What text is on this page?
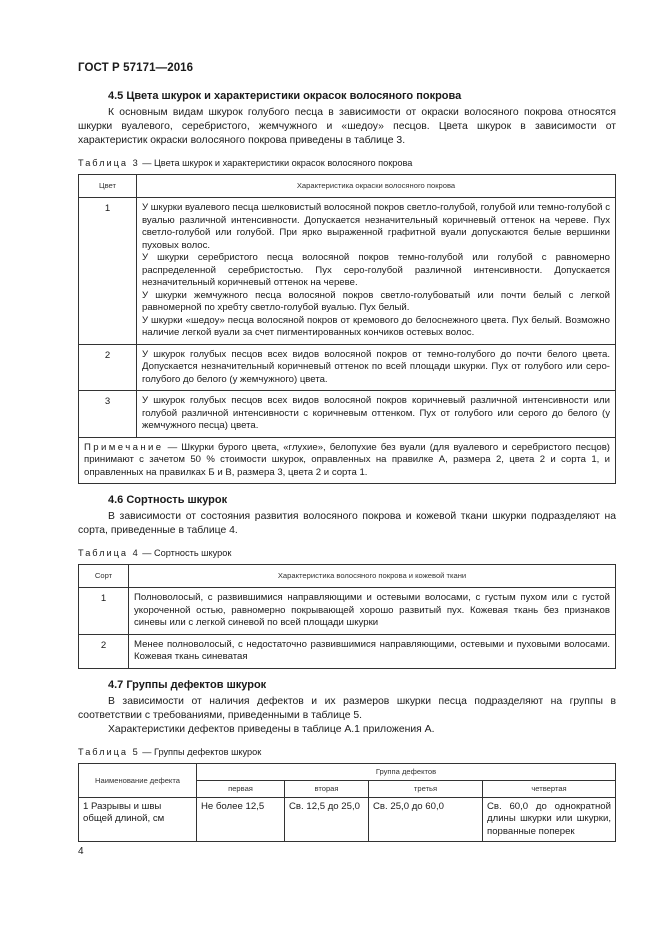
ГОСТ Р 57171—2016
4.5 Цвета шкурок и характеристики окрасок волосяного покрова

К основным видам шкурок голубого песца в зависимости от окраски волосяного покрова относятся шкурки вуалевого, серебристого, жемчужного и «шедоу» песцов. Цвета шкурок в зависимости от характеристик окраски волосяного покрова приведены в таблице 3.

Таблица 3 — Цвета шкурок и характеристики окрасок волосяного покрова

Цвет	Характеристика окраски волосяного покрова
1	У шкурки вуалевого песца шелковистый волосяной покров светло-голубой, голубой или темно-голубой с вуалью различной интенсивности. Допускается незначительный коричневый оттенок на череве. Пух светло-голубой или голубой. При ярко выраженной графитной вуали допускаются белые вершинки пуховых волос.
У шкурки серебристого песца волосяной покров темно-голубой или голубой с равномерно распределенной серебристостью. Пух серо-голубой различной интенсивности. Допускается незначительный коричневый оттенок на череве.
У шкурки жемчужного песца волосяной покров светло-голубоватый или почти белый с легкой равномерной по хребту светло-голубой вуалью. Пух белый.
У шкурки «шедоу» песца волосяной покров от кремового до белоснежного цвета. Пух белый. Возможно наличие легкой вуали за счет пигментированных кончиков остевых волос.

2	У шкурок голубых песцов всех видов волосяной покров от темно-голубого до почти белого цвета. Допускается незначительный коричневый оттенок по всей площади шкурки. Пух от голубого или серо-голубого до белого (у жемчужного) цвета.
3	У шкурок голубых песцов всех видов волосяной покров коричневый различной интенсивности или голубой различной интенсивности с коричневым оттенком. Пух от голубого или серого до белого (у жемчужного песца) цвета.
Примечание — Шкурки бурого цвета, «глухие», белопухие без вуали (для вуалевого и серебристого песцов) принимают с зачетом 50 % стоимости шкурок, оправленных на правилке А, размера 2, цвета 2 и сорта 1, и оправленных на правилках Б и В, размера 3, цвета 2 и сорта 1.	
4.6 Сортность шкурок

В зависимости от состояния развития волосяного покрова и кожевой ткани шкурки подразделяют на сорта, приведенные в таблице 4.

Таблица 4 — Сортность шкурок

Сорт	Характеристика волосяного покрова и кожевой ткани
1	Полноволосый, с развившимися направляющими и остевыми волосами, с густым пухом или с густой укороченной остью, равномерно покрывающей хорошо развитый пух. Кожевая ткань без признаков синевы или с легкой синевой по всей площади шкурки
2	Менее полноволосый, с недостаточно развившимися направляющими, остевыми и пуховыми волосами. Кожевая ткань синеватая
4.7 Группы дефектов шкурок

В зависимости от наличия дефектов и их размеров шкурки песца подразделяют на группы в соответствии с требованиями, приведенными в таблице 5.

Характеристики дефектов приведены в таблице А.1 приложения А.

Таблица 5 — Группы дефектов шкурок

Наименование дефекта	Группа дефектов			
	первая	вторая	третья	четвертая
1 Разрывы и швы общей длиной, см	Не более 12,5	Св. 12,5 до 25,0	Св. 25,0 до 60,0	Св. 60,0 до однократной длины шкурки или шкурки, порванные поперек
4
